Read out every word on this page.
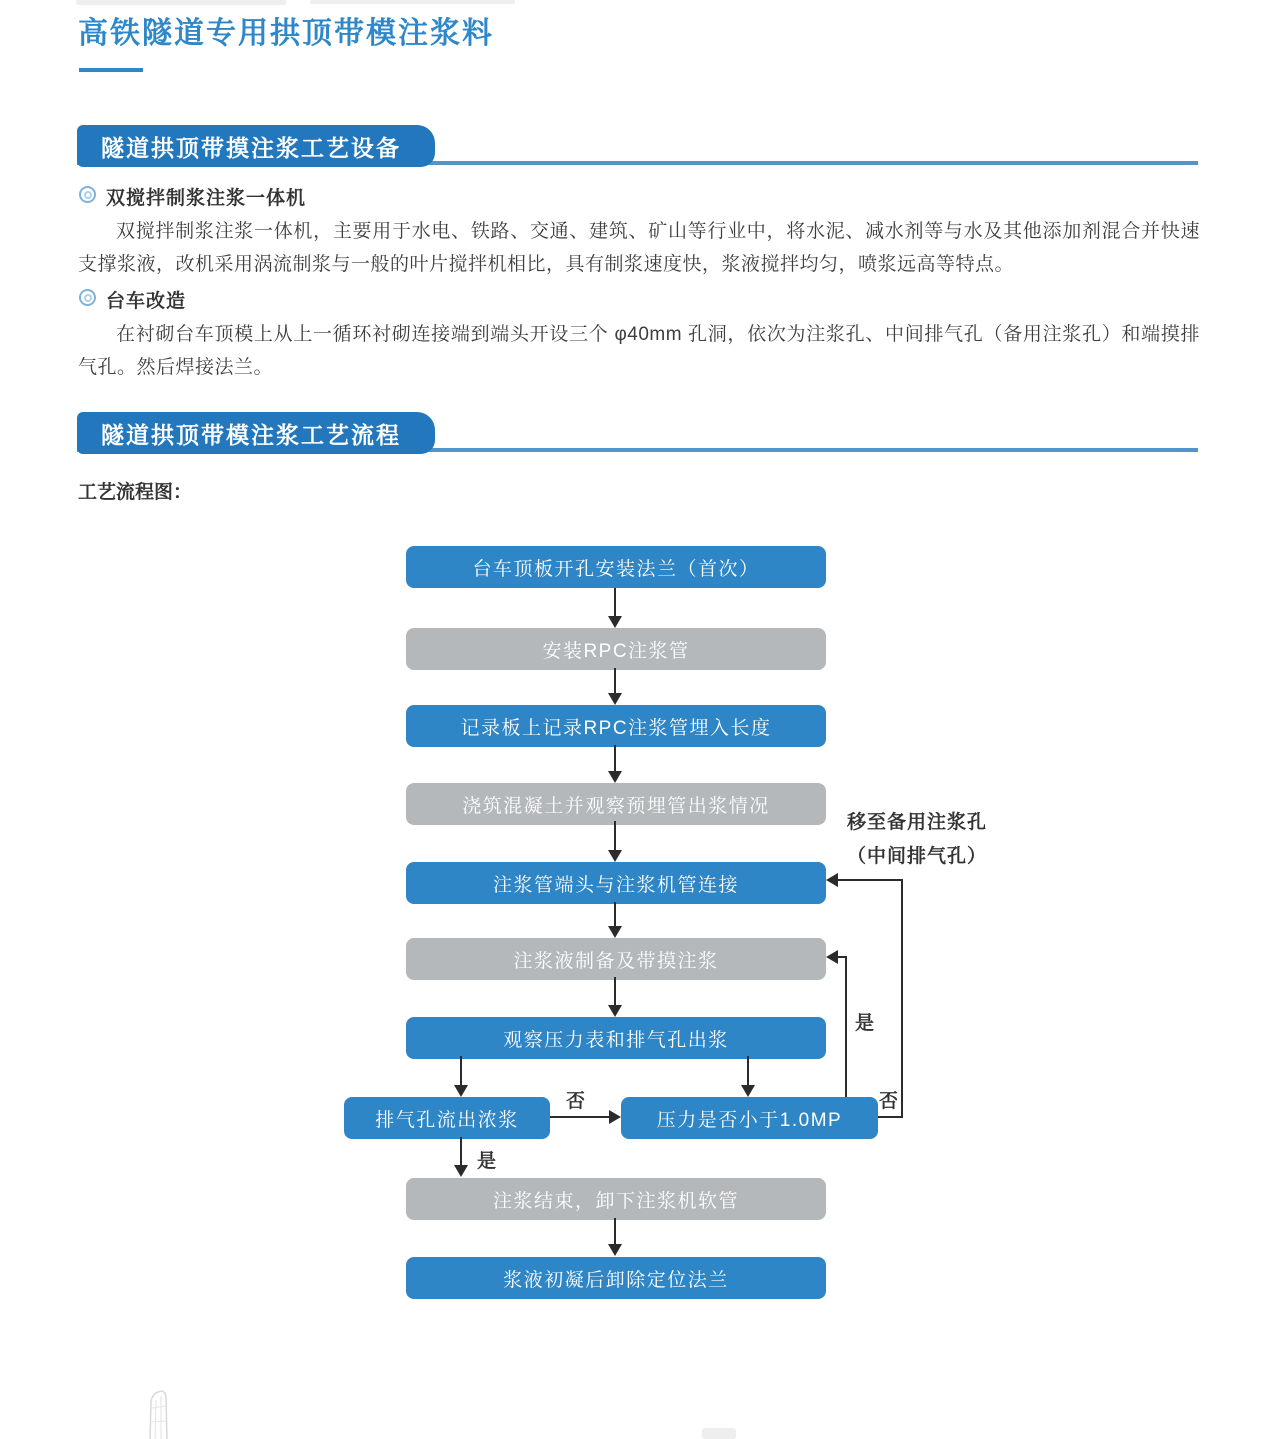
高铁隧道专用拱顶带模注浆料
隧道拱顶带摸注浆工艺设备
双搅拌制浆注浆一体机
双搅拌制浆注浆一体机，主要用于水电、铁路、交通、建筑、矿山等行业中，将水泥、减水剂等与水及其他添加剂混合并快速支撑浆液，改机采用涡流制浆与一般的叶片搅拌机相比，具有制浆速度快，浆液搅拌均匀，喷浆远高等特点。
台车改造
在衬砌台车顶模上从上一循环衬砌连接端到端头开设三个 φ40mm 孔洞，依次为注浆孔、中间排气孔（备用注浆孔）和端摸排气孔。然后焊接法兰。
隧道拱顶带模注浆工艺流程
工艺流程图：
台车顶板开孔安装法兰（首次）
安装RPC注浆管
记录板上记录RPC注浆管埋入长度
浇筑混凝土并观察预埋管出浆情况
注浆管端头与注浆机管连接
注浆液制备及带摸注浆
观察压力表和排气孔出浆
排气孔流出浓浆	压力是否小于1.0MP
注浆结束，卸下注浆机软管
浆液初凝后卸除定位法兰
否
是
是
否
移至备用注浆孔
（中间排气孔）
